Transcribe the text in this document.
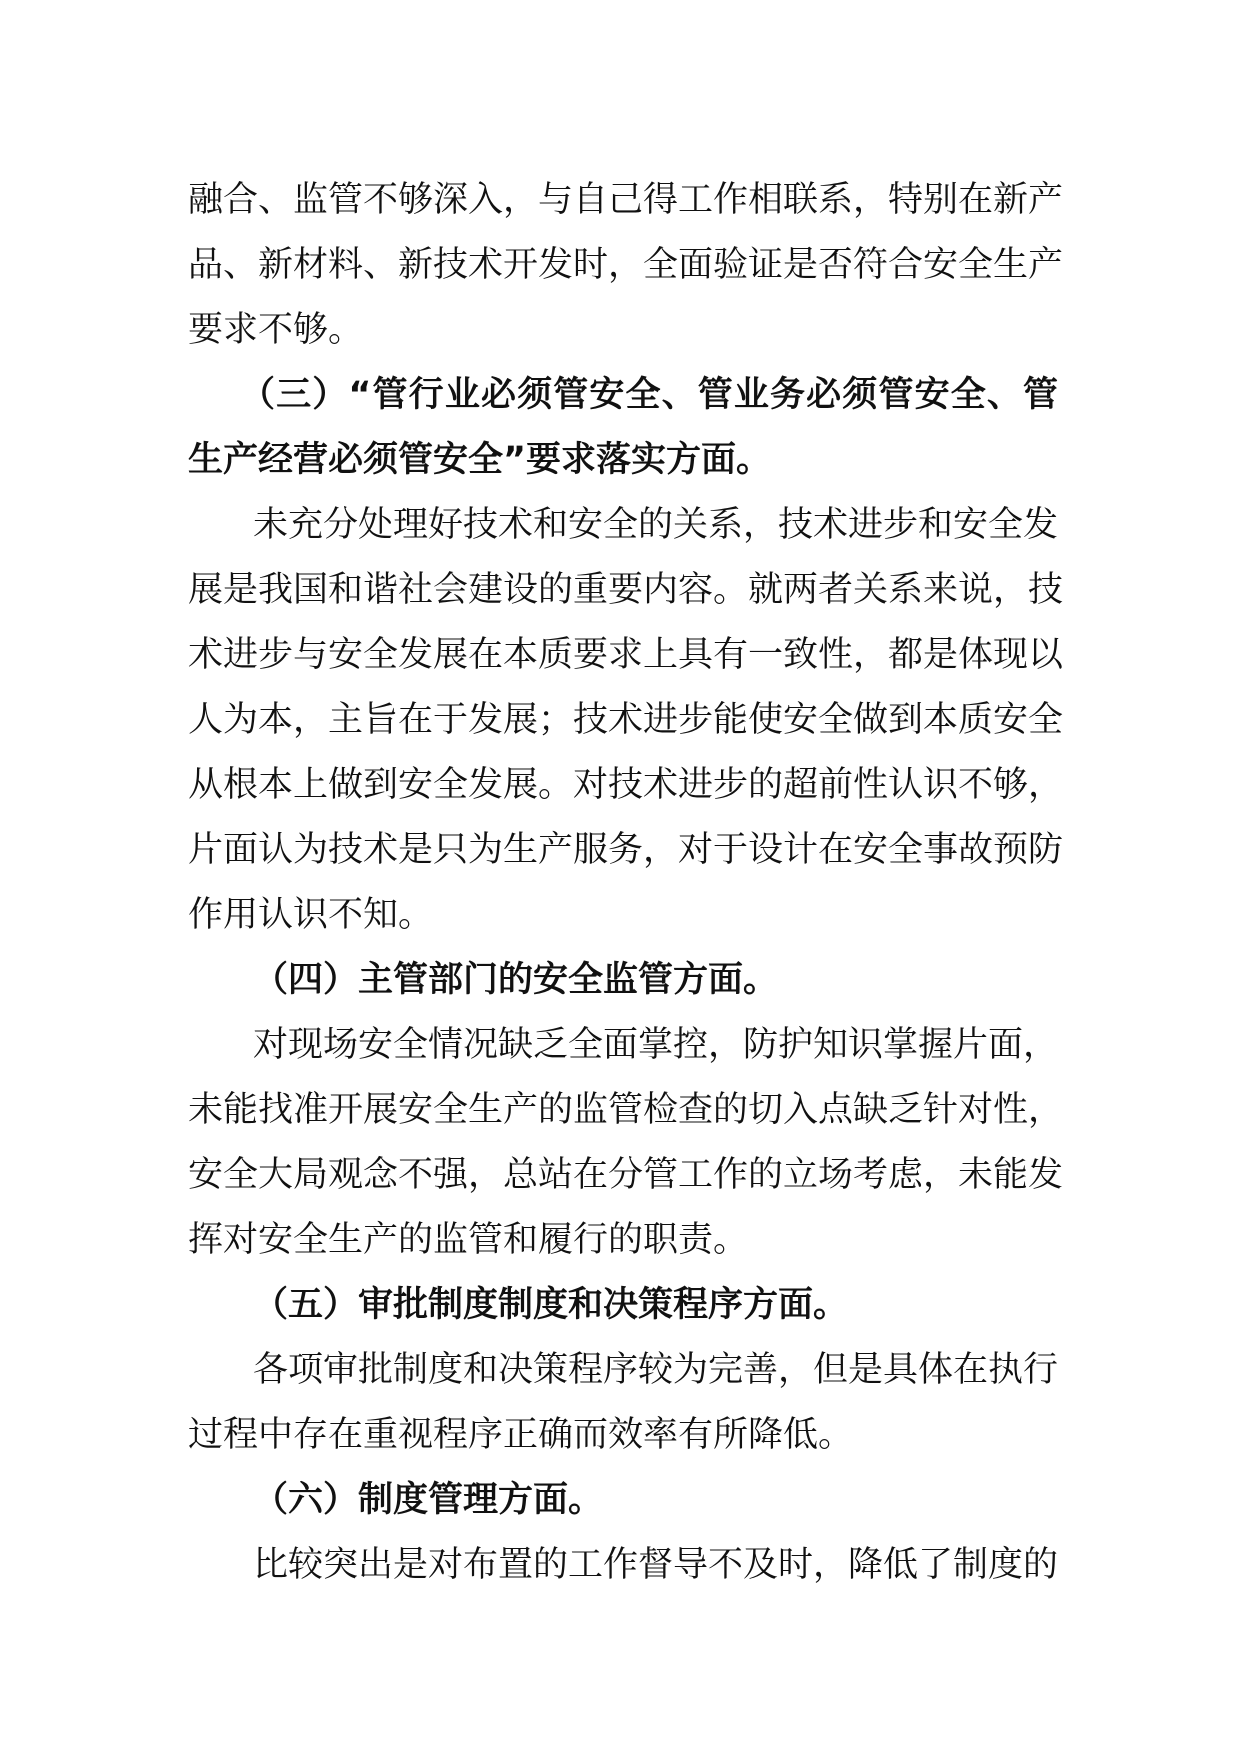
融合、监管不够深入，与自己得工作相联系，特别在新产
品、新材料、新技术开发时，全面验证是否符合安全生产
要求不够。
（三）“管行业必须管安全、管业务必须管安全、管
生产经营必须管安全”要求落实方面。
未充分处理好技术和安全的关系，技术进步和安全发
展是我国和谐社会建设的重要内容。就两者关系来说，技
术进步与安全发展在本质要求上具有一致性，都是体现以
人为本，主旨在于发展；技术进步能使安全做到本质安全
从根本上做到安全发展。对技术进步的超前性认识不够，
片面认为技术是只为生产服务，对于设计在安全事故预防
作用认识不知。
（四）主管部门的安全监管方面。
对现场安全情况缺乏全面掌控，防护知识掌握片面，
未能找准开展安全生产的监管检查的切入点缺乏针对性，
安全大局观念不强，总站在分管工作的立场考虑，未能发
挥对安全生产的监管和履行的职责。
（五）审批制度制度和决策程序方面。
各项审批制度和决策程序较为完善，但是具体在执行
过程中存在重视程序正确而效率有所降低。
（六）制度管理方面。
比较突出是对布置的工作督导不及时，降低了制度的
